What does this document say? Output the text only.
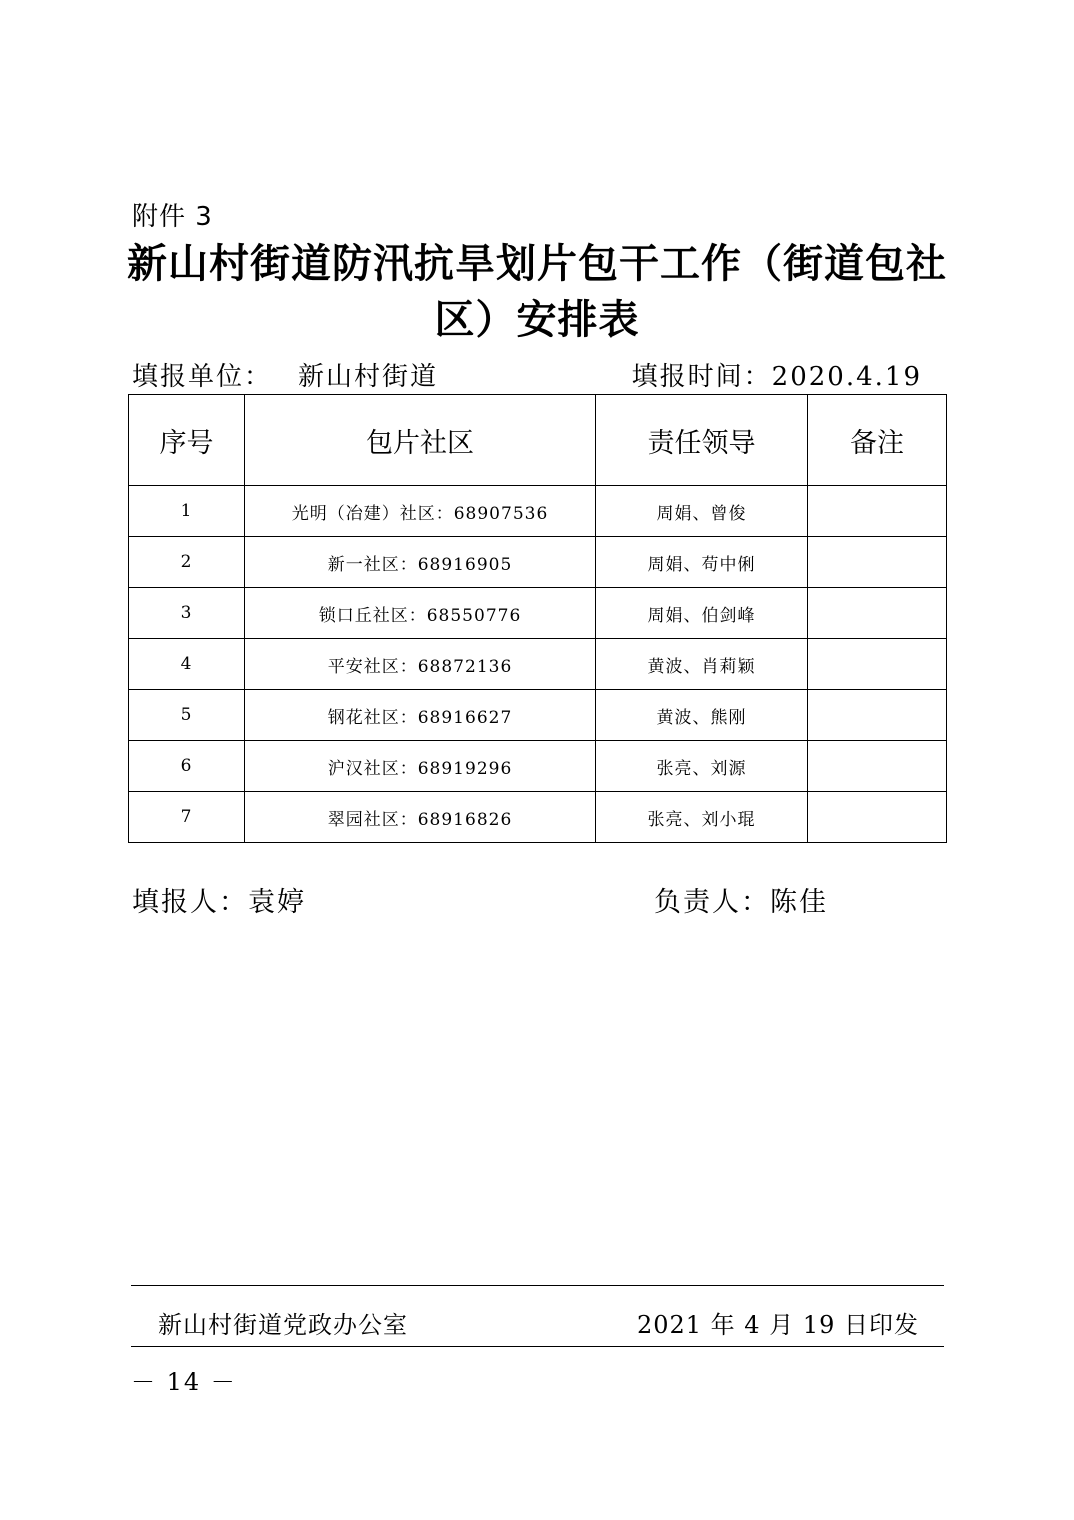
附件 3
新山村街道防汛抗旱划片包干工作（街道包社
区）安排表
填报单位： 新山村街道	填报时间：2020.4.19
序号	包片社区	责任领导	备注
1	光明（冶建）社区：68907536	周娟、曾俊	
2	新一社区：68916905	周娟、苟中俐	
3	锁口丘社区：68550776	周娟、伯剑峰	
4	平安社区：68872136	黄波、肖莉颖	
5	钢花社区：68916627	黄波、熊刚	
6	沪汉社区：68919296	张亮、刘源	
7	翠园社区：68916826	张亮、刘小琨	
填报人：袁婷	负责人：陈佳
新山村街道党政办公室	2021 年 4 月 19 日印发
－ 14 －
